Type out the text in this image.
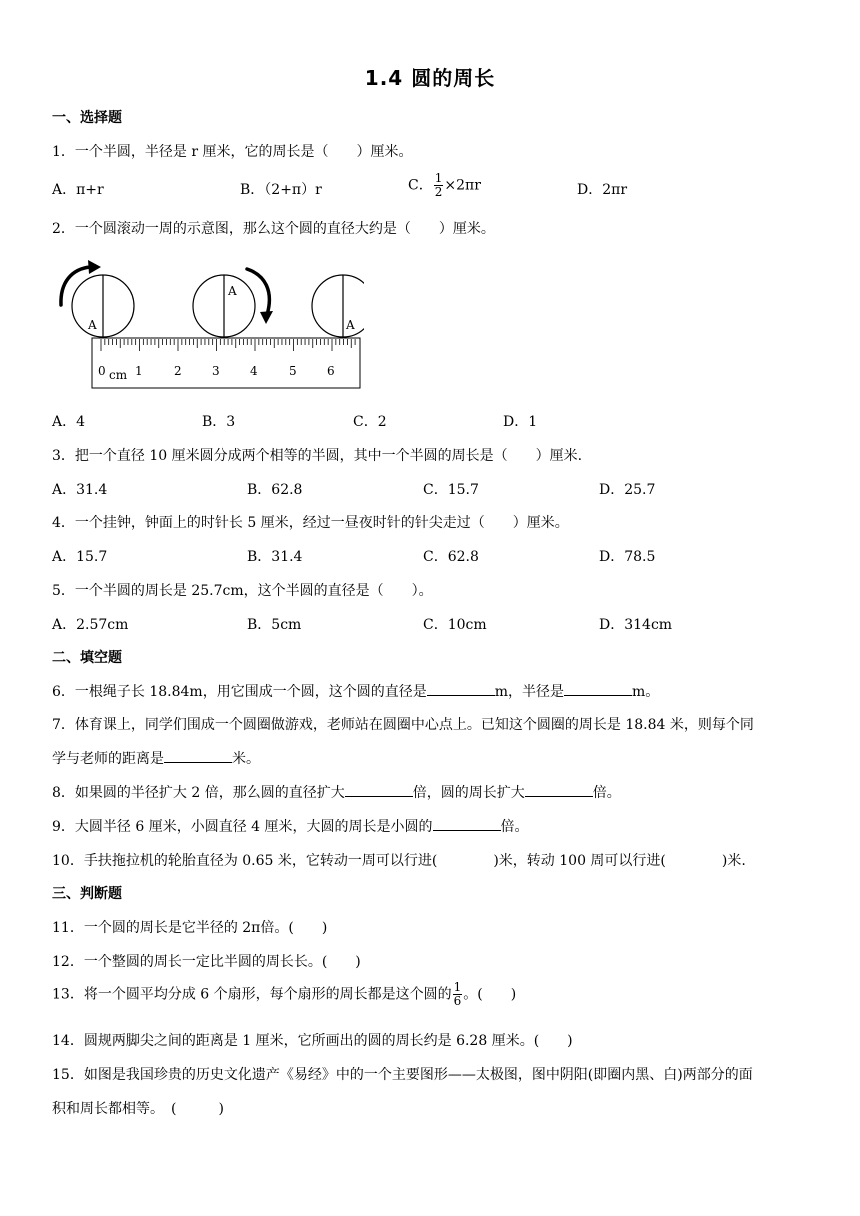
1.4 圆的周长
一、选择题
1．一个半圆，半径是 r 厘米，它的周长是（　　）厘米。
A．π+r	B．（2+π）r	C． $\frac{1}{2} \times 2\pi r$	D．2πr
2．一个圆滚动一周的示意图，那么这个圆的直径大约是（　　）厘米。
A
A
A
0 cm 1	2	3	4	5	6
A．4	B．3	C．2	D．1
3．把一个直径 10 厘米圆分成两个相等的半圆，其中一个半圆的周长是（　　）厘米.
A．31.4	B．62.8	C．15.7	D．25.7
4．一个挂钟，钟面上的时针长 5 厘米，经过一昼夜时针的针尖走过（　　）厘米。
A．15.7	B．31.4	C．62.8	D．78.5
5．一个半圆的周长是 25.7cm，这个半圆的直径是（　　）。
A．2.57cm	B．5cm	C．10cm	D．314cm
二、填空题
6．一根绳子长 18.84m，用它围成一个圆，这个圆的直径是	m，半径是	m。
7．体育课上，同学们围成一个圆圈做游戏，老师站在圆圈中心点上。已知这个圆圈的周长是 18.84 米，则每个同
学与老师的距离是	米。
8．如果圆的半径扩大 2 倍，那么圆的直径扩大	倍，圆的周长扩大	倍。
9．大圆半径 6 厘米，小圆直径 4 厘米，大圆的周长是小圆的	倍。
10．手扶拖拉机的轮胎直径为 0.65 米，它转动一周可以行进(　　　　)米，转动 100 周可以行进(　　　　)米.
三、判断题
11．一个圆的周长是它半径的 2π倍。(　　)
12．一个整圆的周长一定比半圆的周长长。(　　)
13．将一个圆平均分成 6 个扇形，每个扇形的周长都是这个圆的 $\frac{1}{6}$ 。(　　)
14．圆规两脚尖之间的距离是 1 厘米，它所画出的圆的周长约是 6.28 厘米。(　　)
15．如图是我国珍贵的历史文化遗产《易经》中的一个主要图形——太极图，图中阴阳(即圈内黑、白)两部分的面
积和周长都相等。　(　　　)
